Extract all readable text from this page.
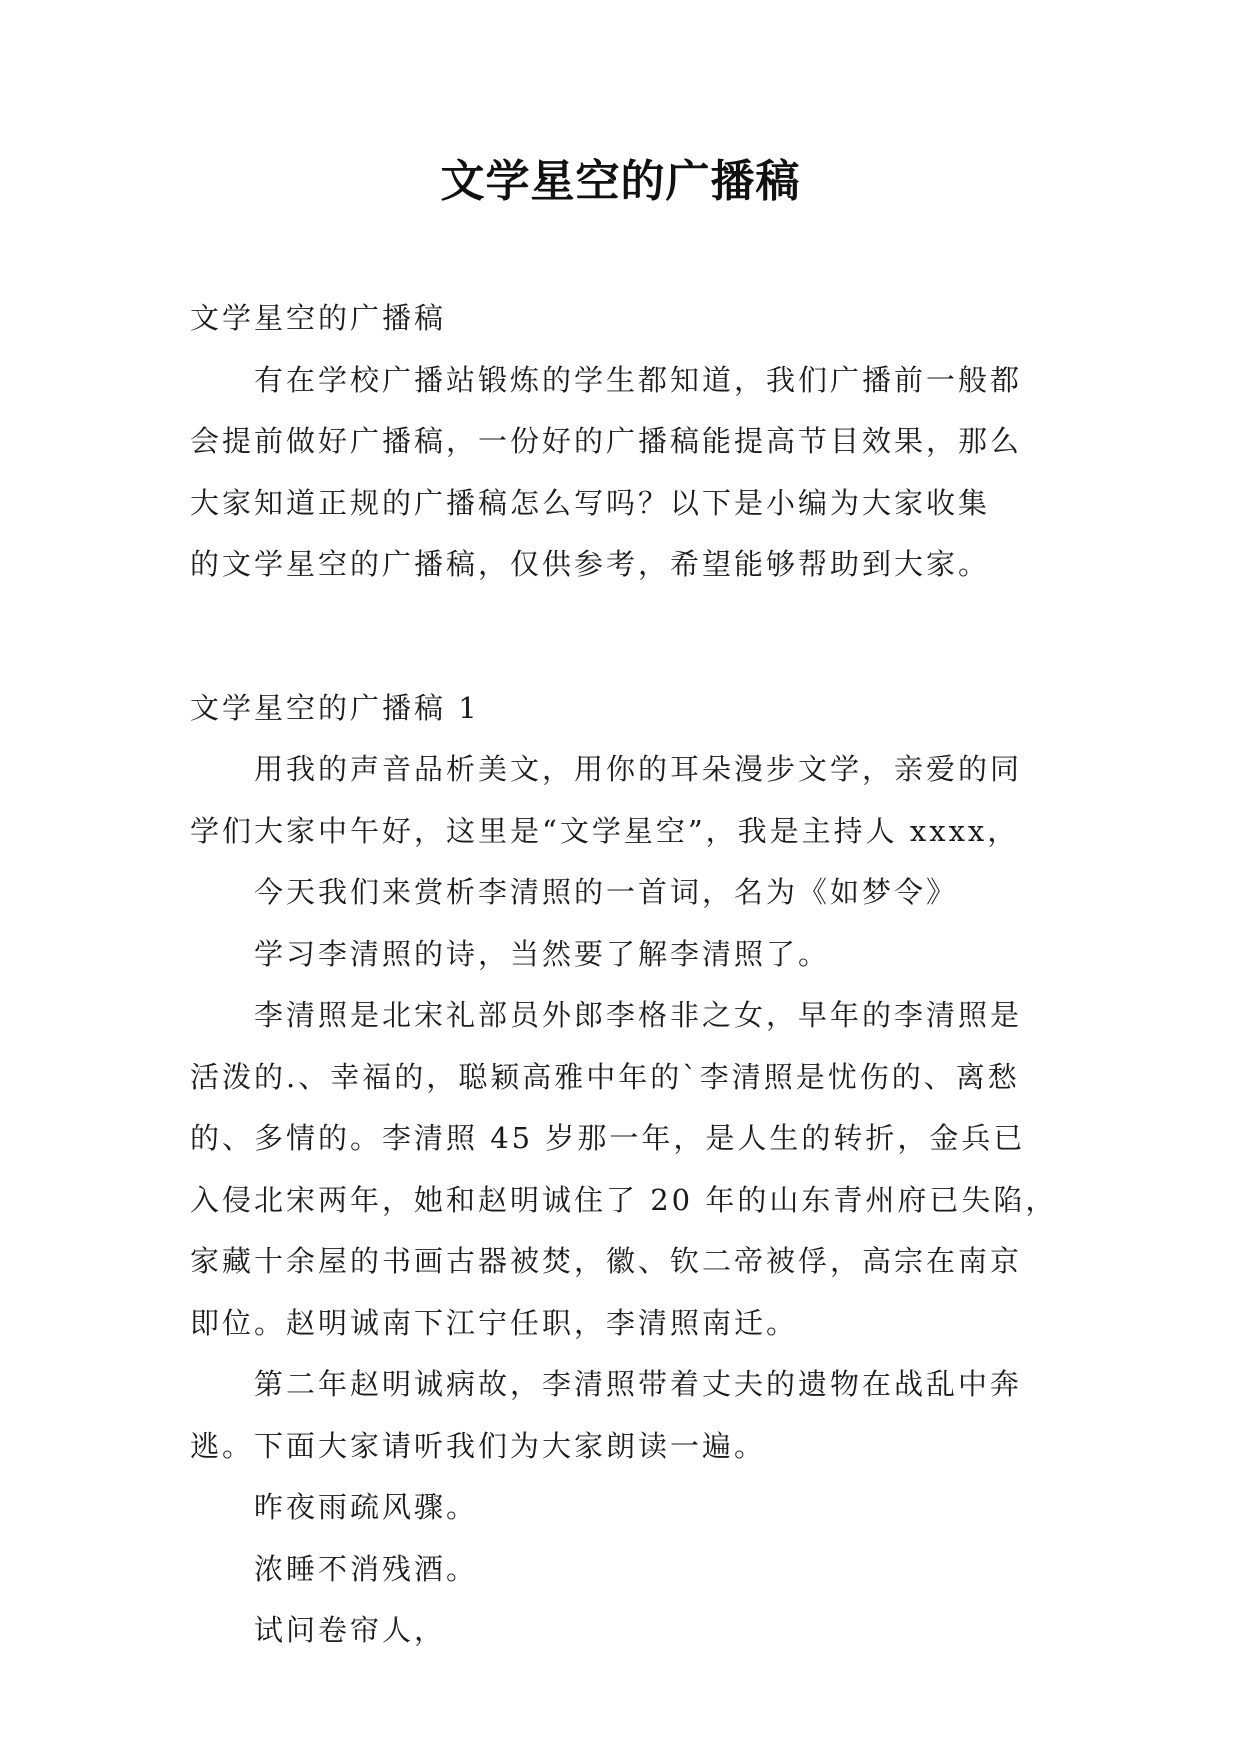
文学星空的广播稿
文学星空的广播稿
有在学校广播站锻炼的学生都知道，我们广播前一般都
会提前做好广播稿，一份好的广播稿能提高节目效果，那么
大家知道正规的广播稿怎么写吗？以下是小编为大家收集
的文学星空的广播稿，仅供参考，希望能够帮助到大家。
文学星空的广播稿 1
用我的声音品析美文，用你的耳朵漫步文学，亲爱的同
学们大家中午好，这里是“文学星空”，我是主持人 xxxx，
今天我们来赏析李清照的一首词，名为《如梦令》
学习李清照的诗，当然要了解李清照了。
李清照是北宋礼部员外郎李格非之女，早年的李清照是
活泼的.、幸福的，聪颖高雅中年的`李清照是忧伤的、离愁
的、多情的。李清照 45 岁那一年，是人生的转折，金兵已
入侵北宋两年，她和赵明诚住了 20 年的山东青州府已失陷，
家藏十余屋的书画古器被焚，徽、钦二帝被俘，高宗在南京
即位。赵明诚南下江宁任职，李清照南迁。
第二年赵明诚病故，李清照带着丈夫的遗物在战乱中奔
逃。下面大家请听我们为大家朗读一遍。
昨夜雨疏风骤。
浓睡不消残酒。
试问卷帘人，
